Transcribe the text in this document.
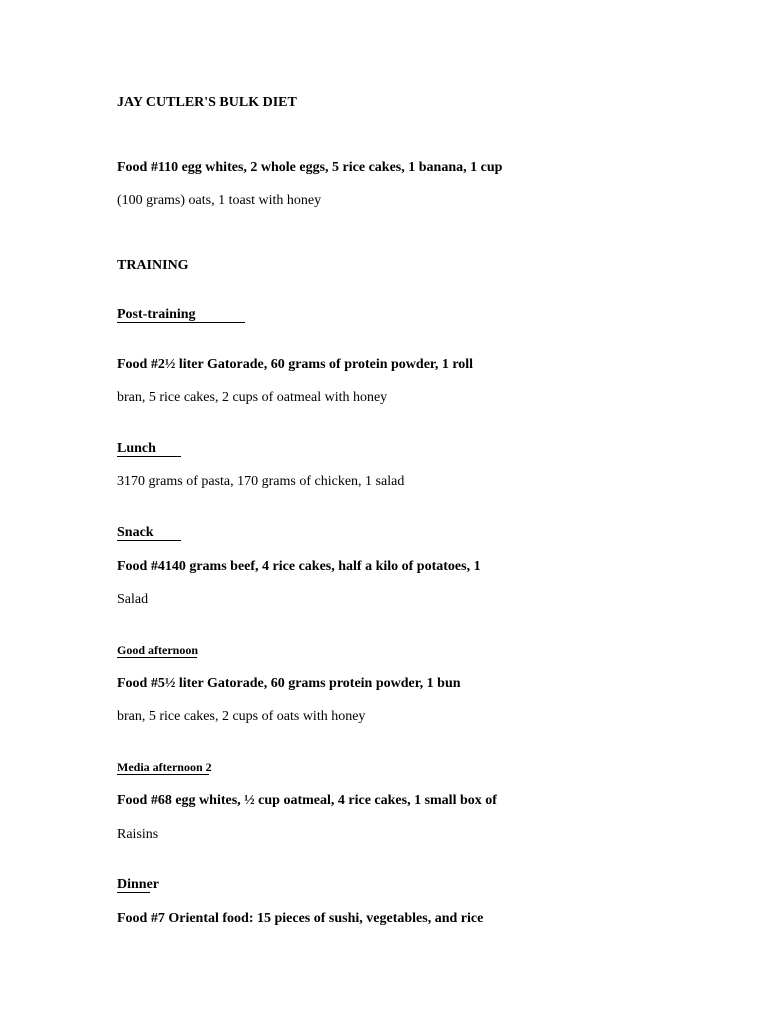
JAY CUTLER'S BULK DIET
Food #110 egg whites, 2 whole eggs, 5 rice cakes, 1 banana, 1 cup
(100 grams) oats, 1 toast with honey
TRAINING
Post-training
Food #2½ liter Gatorade, 60 grams of protein powder, 1 roll
bran, 5 rice cakes, 2 cups of oatmeal with honey
Lunch
3170 grams of pasta, 170 grams of chicken, 1 salad
Snack
Food #4140 grams beef, 4 rice cakes, half a kilo of potatoes, 1
Salad
Good afternoon
Food #5½ liter Gatorade, 60 grams protein powder, 1 bun
bran, 5 rice cakes, 2 cups of oats with honey
Media afternoon 2
Food #68 egg whites, ½ cup oatmeal, 4 rice cakes, 1 small box of
Raisins
Dinner
Food #7 Oriental food: 15 pieces of sushi, vegetables, and rice
